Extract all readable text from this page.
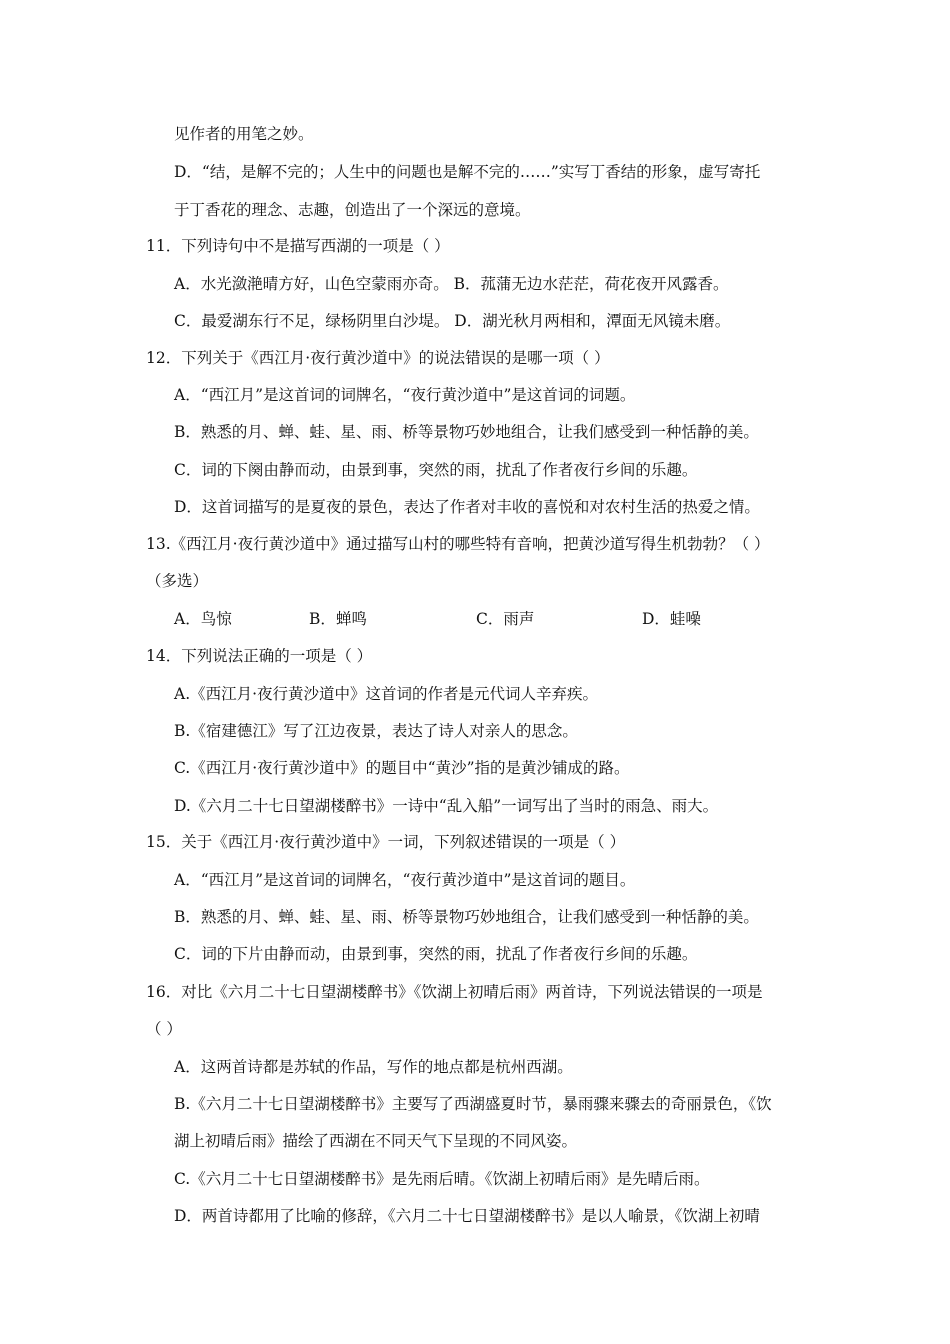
见作者的用笔之妙。
D．“结，是解不完的；人生中的问题也是解不完的……”实写丁香结的形象，虚写寄托
于丁香花的理念、志趣，创造出了一个深远的意境。
11．下列诗句中不是描写西湖的一项是（ ）
A．水光潋滟晴方好，山色空蒙雨亦奇。 B．菰蒲无边水茫茫，荷花夜开风露香。
C．最爱湖东行不足，绿杨阴里白沙堤。 D．湖光秋月两相和，潭面无风镜未磨。
12．下列关于《西江月·夜行黄沙道中》的说法错误的是哪一项（ ）
A．“西江月”是这首词的词牌名，“夜行黄沙道中”是这首词的词题。
B．熟悉的月、蝉、蛙、星、雨、桥等景物巧妙地组合，让我们感受到一种恬静的美。
C．词的下阕由静而动，由景到事，突然的雨，扰乱了作者夜行乡间的乐趣。
D．这首词描写的是夏夜的景色，表达了作者对丰收的喜悦和对农村生活的热爱之情。
13.《西江月·夜行黄沙道中》通过描写山村的哪些特有音响，把黄沙道写得生机勃勃？（ ）
（多选）
A．鸟惊	B．蝉鸣	C．雨声	D．蛙噪
14．下列说法正确的一项是（ ）
A.《西江月·夜行黄沙道中》这首词的作者是元代词人辛弃疾。
B.《宿建德江》写了江边夜景，表达了诗人对亲人的思念。
C.《西江月·夜行黄沙道中》的题目中“黄沙”指的是黄沙铺成的路。
D.《六月二十七日望湖楼醉书》一诗中“乱入船”一词写出了当时的雨急、雨大。
15．关于《西江月·夜行黄沙道中》一词，下列叙述错误的一项是（ ）
A．“西江月”是这首词的词牌名，“夜行黄沙道中”是这首词的题目。
B．熟悉的月、蝉、蛙、星、雨、桥等景物巧妙地组合，让我们感受到一种恬静的美。
C．词的下片由静而动，由景到事，突然的雨，扰乱了作者夜行乡间的乐趣。
16．对比《六月二十七日望湖楼醉书》《饮湖上初晴后雨》两首诗，下列说法错误的一项是
（ ）
A．这两首诗都是苏轼的作品，写作的地点都是杭州西湖。
B.《六月二十七日望湖楼醉书》主要写了西湖盛夏时节，暴雨骤来骤去的奇丽景色，《饮
湖上初晴后雨》描绘了西湖在不同天气下呈现的不同风姿。
C.《六月二十七日望湖楼醉书》是先雨后晴。《饮湖上初晴后雨》是先晴后雨。
D．两首诗都用了比喻的修辞，《六月二十七日望湖楼醉书》是以人喻景，《饮湖上初晴
